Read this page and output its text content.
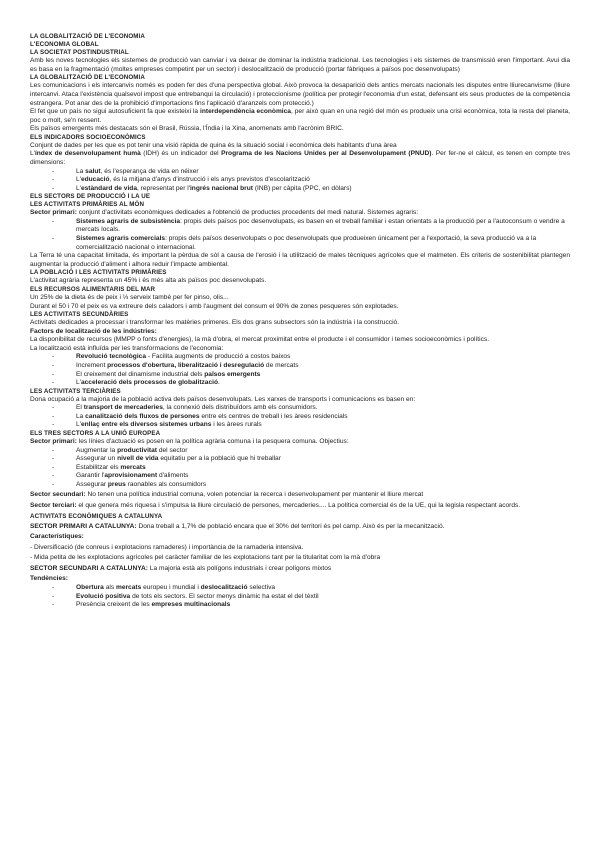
LA GLOBALITZACIÓ DE L'ECONOMIA

L'ECONOMIA GLOBAL

LA SOCIETAT POSTINDUSTRIAL

Amb les noves tecnologies els sistemes de producció van canviar i va deixar de dominar la indústria tradicional. Les tecnologies i els sistemes de transmissió eren l'important. Avui dia es basa en la fragmentació (moltes empreses competint per un sector) i deslocalització de producció (portar fàbriques a països poc desenvolupats)

LA GLOBALITZACIÓ DE L'ECONOMIA

Les comunicacions i els intercanvis només es poden fer des d'una perspectiva global. Això provoca la desaparició dels antics mercats nacionals les disputes entre lliurecanvisme (lliure intercanvi. Ataca l'existència qualsevol impost que entrebanqui la circulació) i proteccionisme (política per protegir l'economia d'un estat, defensant els seus productes de la competència estrangera. Pot anar des de la prohibició d'importacions fins l'aplicació d'aranzels com protecció.)

El fet que un país no sigui autosuficient fa que existeixi la interdependència econòmica, per això quan en una regió del món es produeix una crisi econòmica, tota la resta del planeta, poc o molt, se'n ressent.

Els països emergents més destacats són el Brasil, Rússia, l'Índia i la Xina, anomenats amb l'acrònim BRIC.

ELS INDICADORS SOCIOECONÒMICS

Conjunt de dades per les que es pot tenir una visió ràpida de quina és la situació social i econòmica dels habitants d'una àrea

L'índex de desenvolupament humà (IDH) és un indicador del Programa de les Nacions Unides per al Desenvolupament (PNUD). Per fer-ne el càlcul, es tenen en compte tres dimensions:

- La salut, és l'esperança de vida en néixer
- L'educació, és la mitjana d'anys d'instrucció i els anys previstos d'escolarització
- L'estàndard de vida, representat per l'ingrés nacional brut (INB) per càpita (PPC, en dòlars)

ELS SECTORS DE PRODUCCIÓ I LA UE

LES ACTIVITATS PRIMÀRIES AL MÓN

Sector primari: conjunt d'activitats econòmiques dedicades a l'obtenció de productes procedents del medi natural. Sistemes agraris:

- Sistemes agraris de subsistència: propis dels països poc desenvolupats, es basen en el treball familiar i estan orientats a la producció per a l'autoconsum o vendre a mercats locals.
- Sistemes agraris comercials: propis dels països desenvolupats o poc desenvolupats que produeixen únicament per a l'exportació, la seva producció va a la comercialització nacional o internacional.

La Terra té una capacitat limitada, és important la pèrdua de sòl a causa de l'erosió i la utilització de males tècniques agrícoles que el malmeten. Els criteris de sostenibilitat plantegen augmentar la producció d'aliment i alhora reduir l'impacte ambiental.

LA POBLACIÓ I LES ACTIVITATS PRIMÀRIES

L'activitat agrària representa un 45% i és més alta als països poc desenvolupats.

ELS RECURSOS ALIMENTARIS DEL MAR

Un 25% de la dieta és de peix i ⅓ serveix també per fer pinso, olis...

Durant el 50 i 70 el peix es va extreure dels caladors i amb l'augment del consum el 90% de zones pesqueres són explotades.

LES ACTIVITATS SECUNDÀRIES

Activitats dedicades a processar i transformar les matèries primeres. Els dos grans subsectors són la indústria i la construcció.

Factors de localització de les indústries:

La disponibilitat de recursos (MMPP o fonts d'energies), la mà d'obra, el mercat proximitat entre el producte i el consumidor i temes socioeconòmics i polítics.

La localització està influïda per les transformacions de l'economia:

- Revolució tecnològica - Facilita augments de producció a costos baixos
- Increment processos d'obertura, liberalització i desregulació de mercats
- El creixement del dinamisme industrial dels països emergents
- L'acceleració dels processos de globalització.

LES ACTIVITATS TERCIÀRIES

Dona ocupació a la majoria de la població activa dels països desenvolupats. Les xarxes de transports i comunicacions es basen en:

- El transport de mercaderies, la connexió dels distribuïdors amb els consumidors.
- La canalització dels fluxos de persones entre els centres de treball i les àrees residencials
- L'enllaç entre els diversos sistemes urbans i les àrees rurals

ELS TRES SECTORS A LA UNIÓ EUROPEA

Sector primari: les línies d'actuació es posen en la política agrària comuna i la pesquera comuna. Objectius:

- Augmentar la productivitat del sector
- Assegurar un nivell de vida equitatiu per a la població que hi treballar
- Estabilitzar els mercats
- Garantir l'aprovisionament d'aliments
- Assegurar preus raonables als consumidors

Sector secundari: No tenen una política industrial comuna, volen potenciar la recerca i desenvolupament per mantenir el lliure mercat

Sector terciari: el que genera més riquesa i s'impulsa la lliure circulació de persones, mercaderies.... La política comercial és de la UE, qui la legisla respectant acords.

ACTIVITATS ECONÒMIQUES A CATALUNYA

SECTOR PRIMARI A CATALUNYA: Dona treball a 1,7% de població encara que el 30% del territori és pel camp. Això és per la mecanització.

Característiques:

- Diversificació (de conreus i explotacions ramaderes) i importància de la ramaderia intensiva.

- Mida petita de les explotacions agrícoles pel caràcter familiar de les explotacions tant per la titularitat com la mà d'obra

SECTOR SECUNDARI A CATALUNYA: La majoria està als polígons industrials i crear polígons mixtos

Tendències:

- Obertura als mercats europeu i mundial i deslocalització selectiva
- Evolució positiva de tots els sectors. El sector menys dinàmic ha estat el del tèxtil
- Presència creixent de les empreses multinacionals
